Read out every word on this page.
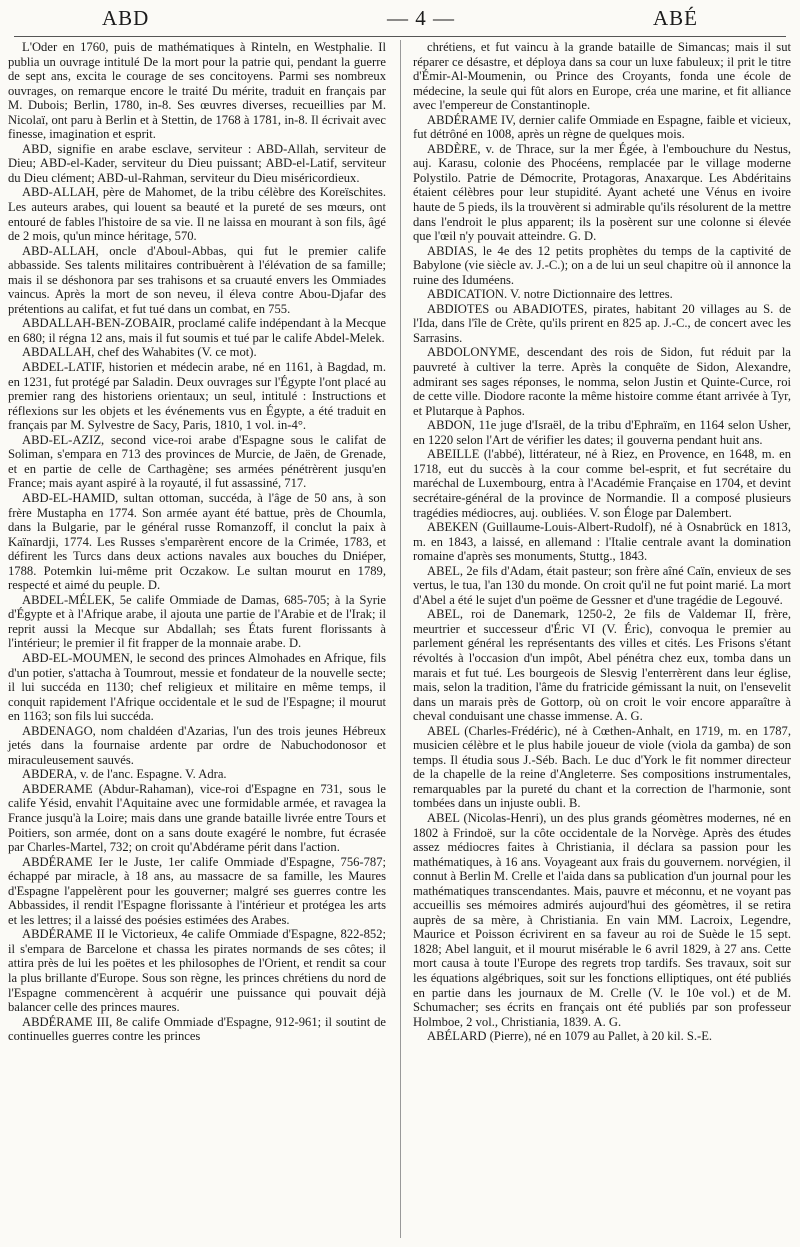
ABD	— 4 —	ABÉ

L'Oder en 1760, puis de mathématiques à Rinteln, en Westphalie. Il publia un ouvrage intitulé De la mort pour la patrie qui, pendant la guerre de sept ans, excita le courage de ses concitoyens. Parmi ses nombreux ouvrages, on remarque encore le traité Du mérite, traduit en français par M. Dubois; Berlin, 1780, in-8. Ses œuvres diverses, recueillies par M. Nicolaï, ont paru à Berlin et à Stettin, de 1768 à 1781, in-8. Il écrivait avec finesse, imagination et esprit.

ABD, signifie en arabe esclave, serviteur : ABD-Allah, serviteur de Dieu; ABD-el-Kader, serviteur du Dieu puissant; ABD-el-Latif, serviteur du Dieu clément; ABD-ul-Rahman, serviteur du Dieu miséricordieux.

ABD-ALLAH, père de Mahomet, de la tribu célèbre des Koreïschites. Les auteurs arabes, qui louent sa beauté et la pureté de ses mœurs, ont entouré de fables l'histoire de sa vie. Il ne laissa en mourant à son fils, âgé de 2 mois, qu'un mince héritage, 570.

ABD-ALLAH, oncle d'Aboul-Abbas, qui fut le premier calife abbasside. Ses talents militaires contribuèrent à l'élévation de sa famille; mais il se déshonora par ses trahisons et sa cruauté envers les Ommiades vaincus. Après la mort de son neveu, il éleva contre Abou-Djafar des prétentions au califat, et fut tué dans un combat, en 755.

ABDALLAH-BEN-ZOBAIR, proclamé calife indépendant à la Mecque en 680; il régna 12 ans, mais il fut soumis et tué par le calife Abdel-Melek.

ABDALLAH, chef des Wahabites (V. ce mot).

ABDEL-LATIF, historien et médecin arabe, né en 1161, à Bagdad, m. en 1231, fut protégé par Saladin. Deux ouvrages sur l'Égypte l'ont placé au premier rang des historiens orientaux; un seul, intitulé : Instructions et réflexions sur les objets et les événements vus en Égypte, a été traduit en français par M. Sylvestre de Sacy, Paris, 1810, 1 vol. in-4°.

ABD-EL-AZIZ, second vice-roi arabe d'Espagne sous le califat de Soliman, s'empara en 713 des provinces de Murcie, de Jaën, de Grenade, et en partie de celle de Carthagène; ses armées pénétrèrent jusqu'en France; mais ayant aspiré à la royauté, il fut assassiné, 717.

ABD-EL-HAMID, sultan ottoman, succéda, à l'âge de 50 ans, à son frère Mustapha en 1774. Son armée ayant été battue, près de Choumla, dans la Bulgarie, par le général russe Romanzoff, il conclut la paix à Kaïnardji, 1774. Les Russes s'emparèrent encore de la Crimée, 1783, et défirent les Turcs dans deux actions navales aux bouches du Dniéper, 1788. Potemkin lui-même prit Oczakow. Le sultan mourut en 1789, respecté et aimé du peuple. D.

ABDEL-MÉLEK, 5e calife Ommiade de Damas, 685-705; à la Syrie d'Égypte et à l'Afrique arabe, il ajouta une partie de l'Arabie et de l'Irak; il reprit aussi la Mecque sur Abdallah; ses États furent florissants à l'intérieur; le premier il fit frapper de la monnaie arabe. D.

ABD-EL-MOUMEN, le second des princes Almohades en Afrique, fils d'un potier, s'attacha à Toumrout, messie et fondateur de la nouvelle secte; il lui succéda en 1130; chef religieux et militaire en même temps, il conquit rapidement l'Afrique occidentale et le sud de l'Espagne; il mourut en 1163; son fils lui succéda.

ABDENAGO, nom chaldéen d'Azarias, l'un des trois jeunes Hébreux jetés dans la fournaise ardente par ordre de Nabuchodonosor et miraculeusement sauvés.

ABDERA, v. de l'anc. Espagne. V. Adra.

ABDERAME (Abdur-Rahaman), vice-roi d'Espagne en 731, sous le calife Yésid, envahit l'Aquitaine avec une formidable armée, et ravagea la France jusqu'à la Loire; mais dans une grande bataille livrée entre Tours et Poitiers, son armée, dont on a sans doute exagéré le nombre, fut écrasée par Charles-Martel, 732; on croit qu'Abdérame périt dans l'action.

ABDÉRAME Ier le Juste, 1er calife Ommiade d'Espagne, 756-787; échappé par miracle, à 18 ans, au massacre de sa famille, les Maures d'Espagne l'appelèrent pour les gouverner; malgré ses guerres contre les Abbassides, il rendit l'Espagne florissante à l'intérieur et protégea les arts et les lettres; il a laissé des poésies estimées des Arabes.

ABDÉRAME II le Victorieux, 4e calife Ommiade d'Espagne, 822-852; il s'empara de Barcelone et chassa les pirates normands de ses côtes; il attira près de lui les poëtes et les philosophes de l'Orient, et rendit sa cour la plus brillante d'Europe. Sous son règne, les princes chrétiens du nord de l'Espagne commencèrent à acquérir une puissance qui pouvait déjà balancer celle des princes maures.

ABDÉRAME III, 8e calife Ommiade d'Espagne, 912-961; il soutint de continuelles guerres contre les princes

chrétiens, et fut vaincu à la grande bataille de Simancas; mais il sut réparer ce désastre, et déploya dans sa cour un luxe fabuleux; il prit le titre d'Émir-Al-Moumenin, ou Prince des Croyants, fonda une école de médecine, la seule qui fût alors en Europe, créa une marine, et fit alliance avec l'empereur de Constantinople.

ABDÉRAME IV, dernier calife Ommiade en Espagne, faible et vicieux, fut détrôné en 1008, après un règne de quelques mois.

ABDÈRE, v. de Thrace, sur la mer Égée, à l'embouchure du Nestus, auj. Karasu, colonie des Phocéens, remplacée par le village moderne Polystilo. Patrie de Démocrite, Protagoras, Anaxarque. Les Abdéritains étaient célèbres pour leur stupidité. Ayant acheté une Vénus en ivoire haute de 5 pieds, ils la trouvèrent si admirable qu'ils résolurent de la mettre dans l'endroit le plus apparent; ils la posèrent sur une colonne si élevée que l'œil n'y pouvait atteindre. G. D.

ABDIAS, le 4e des 12 petits prophètes du temps de la captivité de Babylone (vie siècle av. J.-C.); on a de lui un seul chapitre où il annonce la ruine des Iduméens.

ABDICATION. V. notre Dictionnaire des lettres.

ABDIOTES ou ABADIOTES, pirates, habitant 20 villages au S. de l'Ida, dans l'île de Crète, qu'ils prirent en 825 ap. J.-C., de concert avec les Sarrasins.

ABDOLONYME, descendant des rois de Sidon, fut réduit par la pauvreté à cultiver la terre. Après la conquête de Sidon, Alexandre, admirant ses sages réponses, le nomma, selon Justin et Quinte-Curce, roi de cette ville. Diodore raconte la même histoire comme étant arrivée à Tyr, et Plutarque à Paphos.

ABDON, 11e juge d'Israël, de la tribu d'Ephraïm, en 1164 selon Usher, en 1220 selon l'Art de vérifier les dates; il gouverna pendant huit ans.

ABEILLE (l'abbé), littérateur, né à Riez, en Provence, en 1648, m. en 1718, eut du succès à la cour comme bel-esprit, et fut secrétaire du maréchal de Luxembourg, entra à l'Académie Française en 1704, et devint secrétaire-général de la province de Normandie. Il a composé plusieurs tragédies médiocres, auj. oubliées. V. son Éloge par Dalembert.

ABEKEN (Guillaume-Louis-Albert-Rudolf), né à Osnabrück en 1813, m. en 1843, a laissé, en allemand : l'Italie centrale avant la domination romaine d'après ses monuments, Stuttg., 1843.

ABEL, 2e fils d'Adam, était pasteur; son frère aîné Caïn, envieux de ses vertus, le tua, l'an 130 du monde. On croit qu'il ne fut point marié. La mort d'Abel a été le sujet d'un poëme de Gessner et d'une tragédie de Legouvé.

ABEL, roi de Danemark, 1250-2, 2e fils de Valdemar II, frère, meurtrier et successeur d'Éric VI (V. Éric), convoqua le premier au parlement général les représentants des villes et cités. Les Frisons s'étant révoltés à l'occasion d'un impôt, Abel pénétra chez eux, tomba dans un marais et fut tué. Les bourgeois de Slesvig l'enterrèrent dans leur église, mais, selon la tradition, l'âme du fratricide gémissant la nuit, on l'ensevelit dans un marais près de Gottorp, où on croit le voir encore apparaître à cheval conduisant une chasse immense. A. G.

ABEL (Charles-Frédéric), né à Cœthen-Anhalt, en 1719, m. en 1787, musicien célèbre et le plus habile joueur de viole (viola da gamba) de son temps. Il étudia sous J.-Séb. Bach. Le duc d'York le fit nommer directeur de la chapelle de la reine d'Angleterre. Ses compositions instrumentales, remarquables par la pureté du chant et la correction de l'harmonie, sont tombées dans un injuste oubli. B.

ABEL (Nicolas-Henri), un des plus grands géomètres modernes, né en 1802 à Frindoë, sur la côte occidentale de la Norvège. Après des études assez médiocres faites à Christiania, il déclara sa passion pour les mathématiques, à 16 ans. Voyageant aux frais du gouvernem. norvégien, il connut à Berlin M. Crelle et l'aida dans sa publication d'un journal pour les mathématiques transcendantes. Mais, pauvre et méconnu, et ne voyant pas accueillis ses mémoires admirés aujourd'hui des géomètres, il se retira auprès de sa mère, à Christiania. En vain MM. Lacroix, Legendre, Maurice et Poisson écrivirent en sa faveur au roi de Suède le 15 sept. 1828; Abel languit, et il mourut misérable le 6 avril 1829, à 27 ans. Cette mort causa à toute l'Europe des regrets trop tardifs. Ses travaux, soit sur les équations algébriques, soit sur les fonctions elliptiques, ont été publiés en partie dans les journaux de M. Crelle (V. le 10e vol.) et de M. Schumacher; ses écrits en français ont été publiés par son professeur Holmboe, 2 vol., Christiania, 1839. A. G.

ABÉLARD (Pierre), né en 1079 au Pallet, à 20 kil. S.-E.
